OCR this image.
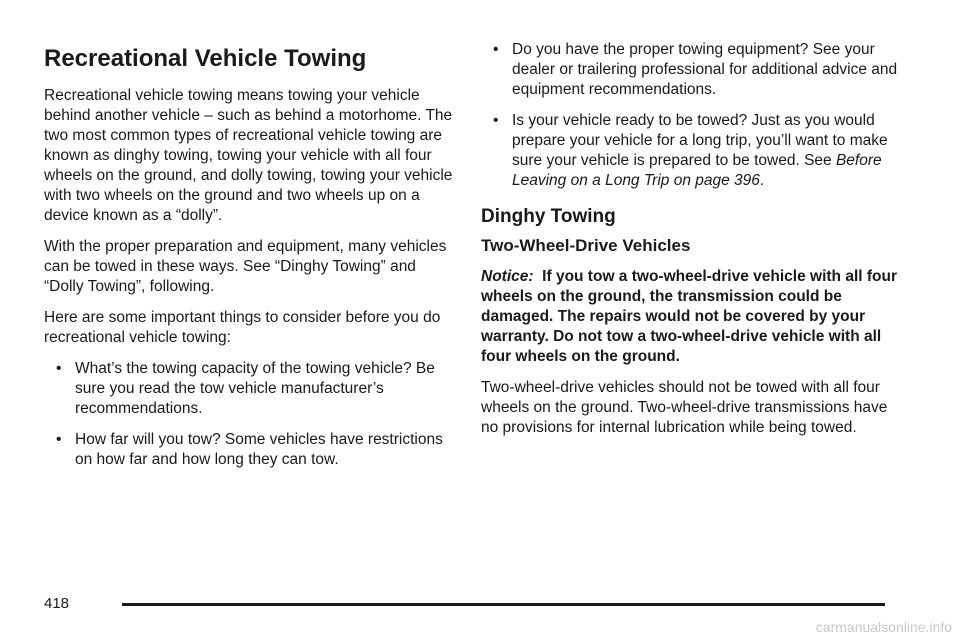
Recreational Vehicle Towing

Recreational vehicle towing means towing your vehicle behind another vehicle – such as behind a motorhome. The two most common types of recreational vehicle towing are known as dinghy towing, towing your vehicle with all four wheels on the ground, and dolly towing, towing your vehicle with two wheels on the ground and two wheels up on a device known as a “dolly”.

With the proper preparation and equipment, many vehicles can be towed in these ways. See “Dinghy Towing” and “Dolly Towing”, following.

Here are some important things to consider before you do recreational vehicle towing:

• What’s the towing capacity of the towing vehicle? Be sure you read the tow vehicle manufacturer’s recommendations.
• How far will you tow? Some vehicles have restrictions on how far and how long they can tow.
• Do you have the proper towing equipment? See your dealer or trailering professional for additional advice and equipment recommendations.
• Is your vehicle ready to be towed? Just as you would prepare your vehicle for a long trip, you’ll want to make sure your vehicle is prepared to be towed. See Before Leaving on a Long Trip on page 396.
Dinghy Towing
Two-Wheel-Drive Vehicles

Notice: If you tow a two-wheel-drive vehicle with all four wheels on the ground, the transmission could be damaged. The repairs would not be covered by your warranty. Do not tow a two-wheel-drive vehicle with all four wheels on the ground.

Two-wheel-drive vehicles should not be towed with all four wheels on the ground. Two-wheel-drive transmissions have no provisions for internal lubrication while being towed.

418
carmanualsonline.info
